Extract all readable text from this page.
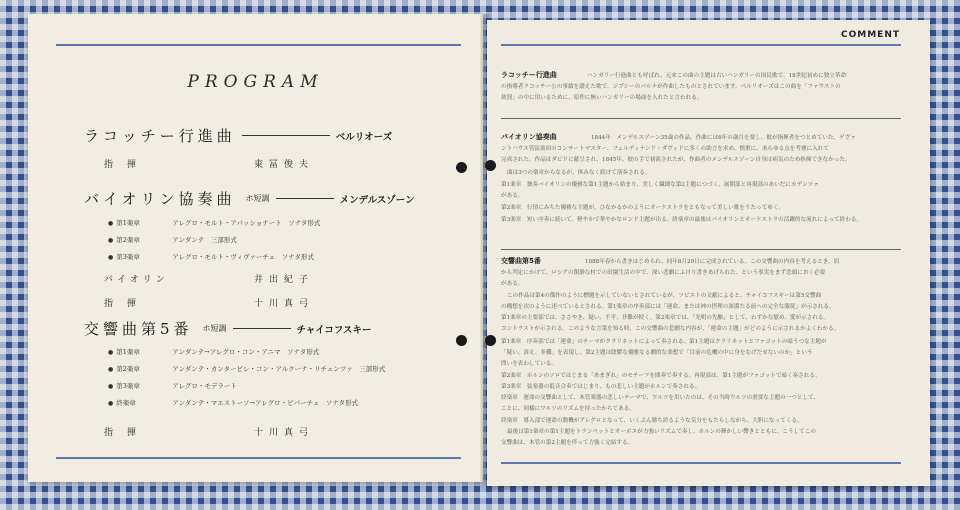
PROGRAM
ラコッチー行進曲	ベルリオーズ
指揮	東冨俊夫
バイオリン協奏曲 ホ短調	メンデルスゾーン
● 第1楽章	アレグロ・モルト・アパッショナート　ソナタ形式
● 第2楽章	アンダンテ　三部形式
● 第3楽章	アレグロ・モルト・ヴィヴァーチェ　ソナタ形式
バイオリン	井出紀子
指揮	十川真弓
交響曲第5番 ホ短調	チャイコフスキー
● 第1楽章	アンダンテ→アレグロ・コン・アニマ　ソナタ形式
● 第2楽章	アンダンテ・カンタービレ・コン・アルクーナ・リチェンツァ　三部形式
● 第3楽章	アレグロ・モデラート
● 終楽章	アンダンテ・マエストーソ→アレグロ・ビバーチェ　ソナタ形式
指揮	十川真弓
COMMENT
ラコッチー行進曲	ハンガリー行進曲とも呼ばれ、元来この曲の主題は古いハンガリーの国民歌で、18世紀初めに独立革命
の指導者ラコッチー公の事績を讃えた歌で、ジプシーのバルナが作曲したものとされています。ベルリオーズはこの曲を「ファウストの
劫罰」の中に用いるために、原作に無いハンガリーの場面を入れたと言われる。
バイオリン協奏曲	1844年　メンデルスゾーン35歳の作品。作曲には6年の歳月を要し、彼が指揮者をつとめていた、ゲヴァ
ントハウス管弦楽団のコンサートマスター、フェルディナンド・ダヴィドに多くの助言を求め、慎重に、あらゆる点を考慮に入れて
完成された。作品はダビドに献呈され、1845年、彼の手で初演されたが、作曲者のメンデルスゾーン自身は病気のため指揮できなかった。
曲は3つの楽章からなるが、休みなく続けて演奏される。
第1楽章　独奏バイオリンの優雅な第1主題から始まり、美しく繊細な第2主題につづく。展開部と再現部のあいだにカデンツァ
がある。
第2楽章　行情にみちた優雅な主題が、ひなかるかのようにオーケストラをともなって美しい歌をうたってゆく。
第3楽章　短い序奏に続いて、軽やかで華やかなロンド主題が出る。終楽章の最後はバイオリンとオーケストラの活躍的な流れによって終わる。
交響曲第5番	1888年春から書きはじめられ、同年8月29日に完成されている。この交響曲の内容を考えるとき、眉
から判定にかけて、ロシアの閑静な村での田園生活の中で、深い悲劇にふけり書きあげられた、という事実をまず念頭におく必要
がある。
この作品は第4の傑作のように標題を示していないとされているが、ツビエトの文献によると、チャイコフスキーは第5交響曲
の構想を次のように述べているとされる。第1楽章の序奏部には「運命、または神の摂理の深淵たる前への完全な服従」が示される。
第1楽章の主要部では、ささやき、疑い、不平、非難が続く。第2楽章では、「光明の先駆」として、わずかな慰め、愛が示される。
コントラストが示される。このような言葉を知る時、この交響曲の悲劇な内容が、「運命の主題」がどのように示されるかよくわかる。
第1楽章　序奏部では「運命」のテーマがクラリネットによって奏される。第1主題はクラリネットとファゴットの暗うつな主題が
「疑い、訴え、非難」を表現し、第2主題は陰鬱な優雅なる劇的な楽想で「目前の危機の中に身をなげだせないのか」という
問いを表わしている。
第2楽章　ホルンのソロではじまる「あまぎれ」のモチーフを間奏で奏する。再現部は、第1主題がファゴットで暗く奏される。
第3楽章　弦楽器の低音合奏ではじまり、もの悲しい主題がホルンで奏される。
終楽章　運命の交響曲として、木管楽器の悲しいテーマで、ワルツを用いたのは、その当時ウルツの重要な主題の一つとして、
ことに、同様にワルツのリズムを持ったからである。
終楽章　導入部で運命の動機がアレグロとなって、いくぶん勝ち誇るような気分をもたらしながら、大胆になってくる。
最後は第1楽章の第1主題をトランペットとオーボエが力強いリズムで奏し、ホルンの輝かしい響きとともに、こうしてこの
交響曲は、木管の第2主題を伴って力強く完結する。
